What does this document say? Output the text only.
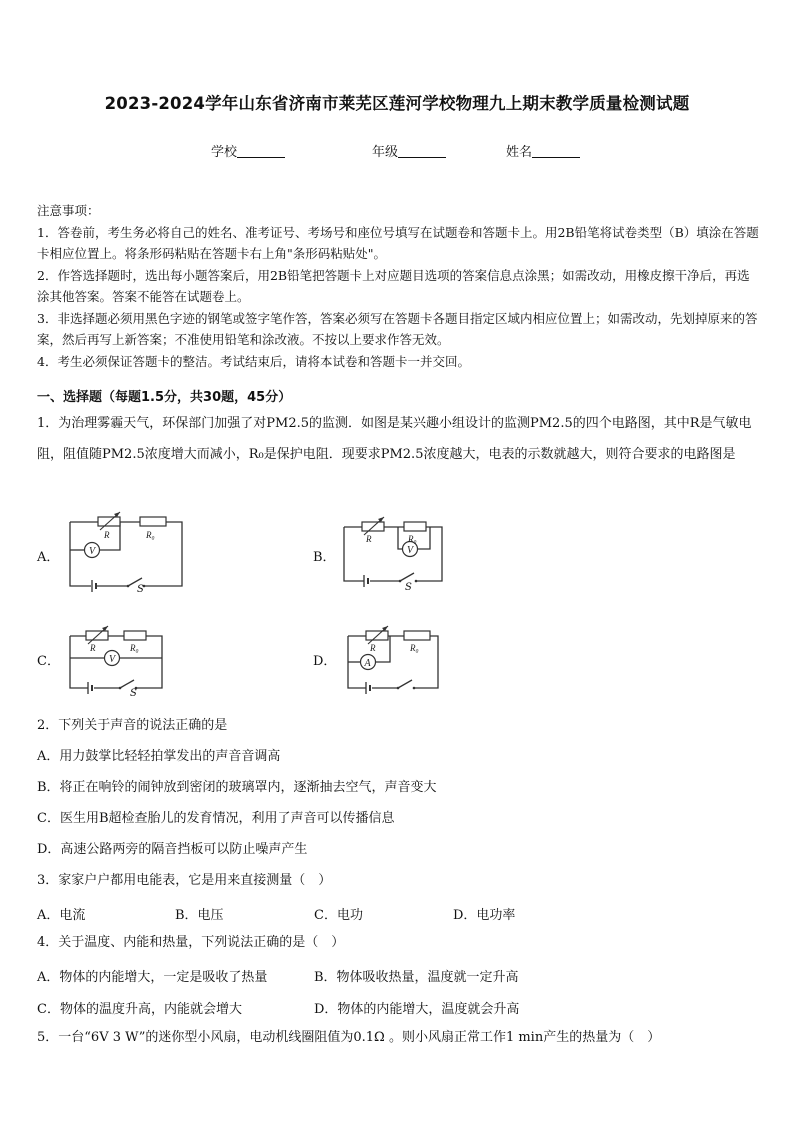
2023-2024学年山东省济南市莱芜区莲河学校物理九上期末教学质量检测试题
学校	年级	姓名

注意事项：

1．答卷前，考生务必将自己的姓名、准考证号、考场号和座位号填写在试题卷和答题卡上。用2B铅笔将试卷类型（B）填涂在答题卡相应位置上。将条形码粘贴在答题卡右上角"条形码粘贴处"。

2．作答选择题时，选出每小题答案后，用2B铅笔把答题卡上对应题目选项的答案信息点涂黑；如需改动，用橡皮擦干净后，再选涂其他答案。答案不能答在试题卷上。

3．非选择题必须用黑色字迹的钢笔或签字笔作答，答案必须写在答题卡各题目指定区域内相应位置上；如需改动，先划掉原来的答案，然后再写上新答案；不准使用铅笔和涂改液。不按以上要求作答无效。

4．考生必须保证答题卡的整洁。考试结束后，请将本试卷和答题卡一并交回。

一、选择题（每题1.5分，共30题，45分）

1．为治理雾霾天气，环保部门加强了对PM2.5的监测．如图是某兴趣小组设计的监测PM2.5的四个电路图，其中R是气敏电阻，阻值随PM2.5浓度增大而减小，R₀是保护电阻．现要求PM2.5浓度越大，电表的示数就越大，则符合要求的电路图是

A．	B．
C．	D．
V
R	R₀
S
V
R	R₀
S
V
R	R₀
S
A
R	R₀

2．下列关于声音的说法正确的是

A．用力鼓掌比轻轻拍掌发出的声音音调高

B．将正在响铃的闹钟放到密闭的玻璃罩内，逐渐抽去空气，声音变大

C．医生用B超检查胎儿的发育情况，利用了声音可以传播信息

D．高速公路两旁的隔音挡板可以防止噪声产生

3．家家户户都用电能表，它是用来直接测量（　）

A．电流	B．电压	C．电功	D．电功率

4．关于温度、内能和热量，下列说法正确的是（　）

A．物体的内能增大，一定是吸收了热量	B．物体吸收热量，温度就一定升高
C．物体的温度升高，内能就会增大	D．物体的内能增大，温度就会升高

5．一台“6V 3 W”的迷你型小风扇，电动机线圈阻值为0.1Ω 。则小风扇正常工作1 min产生的热量为（　）
